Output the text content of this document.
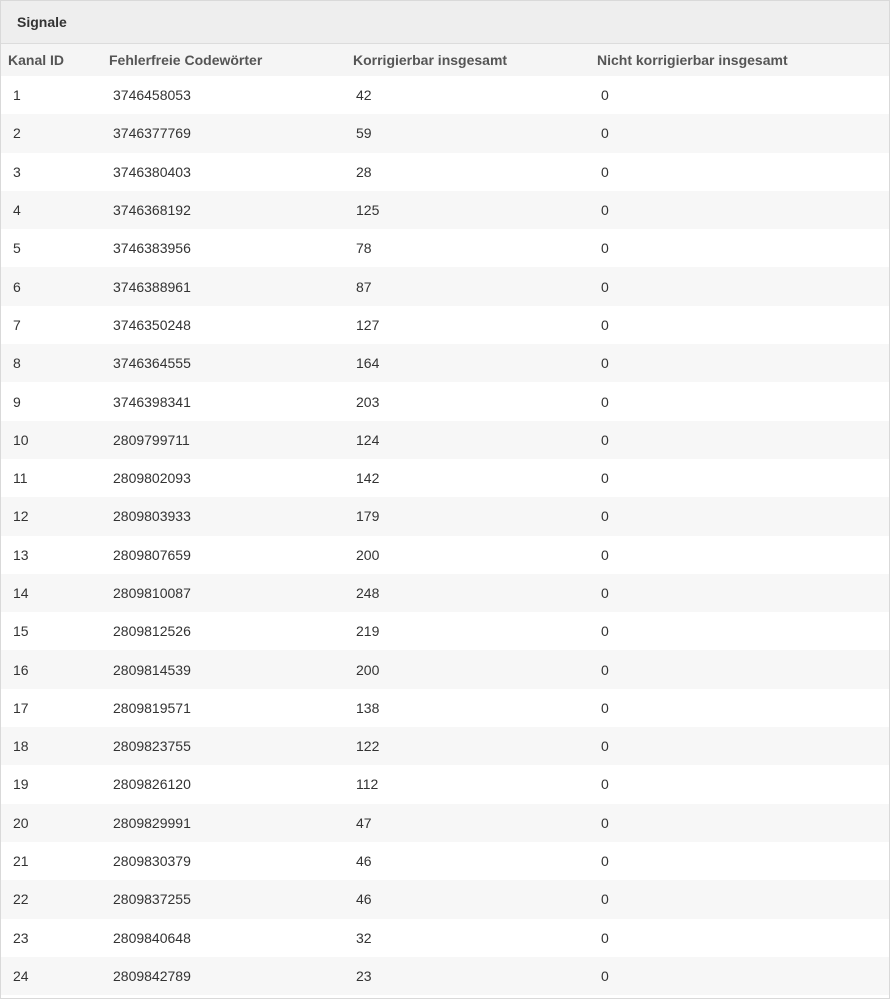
Signale
Kanal ID	Fehlerfreie Codewörter	Korrigierbar insgesamt	Nicht korrigierbar insgesamt
1	3746458053	42	0
2	3746377769	59	0
3	3746380403	28	0
4	3746368192	125	0
5	3746383956	78	0
6	3746388961	87	0
7	3746350248	127	0
8	3746364555	164	0
9	3746398341	203	0
10	2809799711	124	0
11	2809802093	142	0
12	2809803933	179	0
13	2809807659	200	0
14	2809810087	248	0
15	2809812526	219	0
16	2809814539	200	0
17	2809819571	138	0
18	2809823755	122	0
19	2809826120	112	0
20	2809829991	47	0
21	2809830379	46	0
22	2809837255	46	0
23	2809840648	32	0
24	2809842789	23	0
